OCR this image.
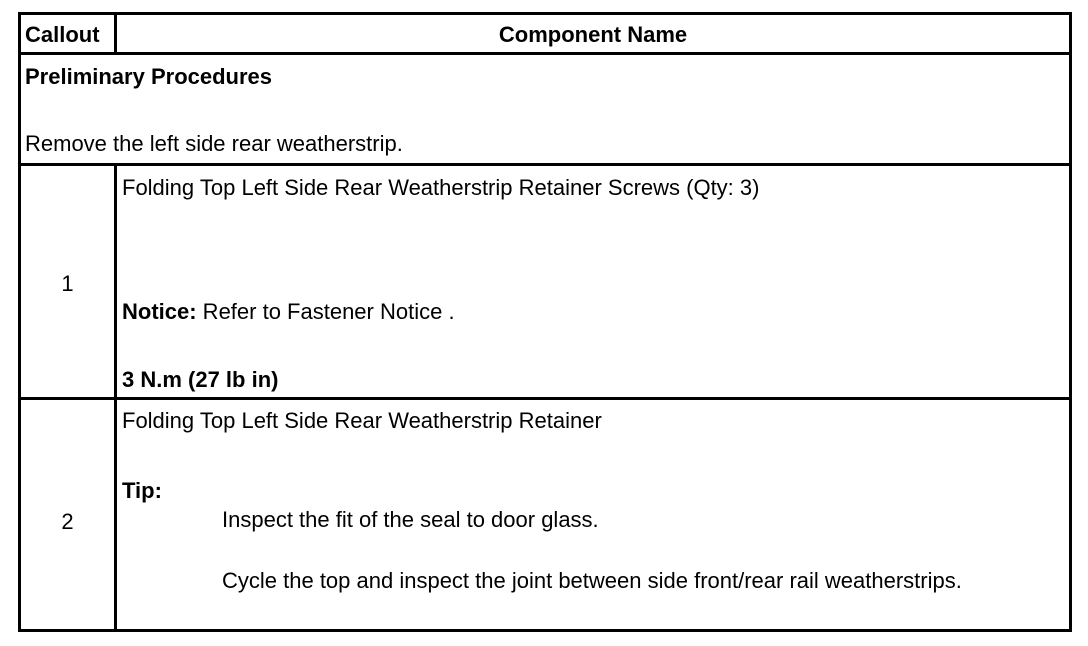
Callout	Component Name
Preliminary Procedures
Remove the left side rear weatherstrip.
1
Folding Top Left Side Rear Weatherstrip Retainer Screws (Qty: 3)
Notice: Refer to Fastener Notice .
3 N.m (27 lb in)
2
Folding Top Left Side Rear Weatherstrip Retainer
Tip:
Inspect the fit of the seal to door glass.
Cycle the top and inspect the joint between side front/rear rail weatherstrips.
